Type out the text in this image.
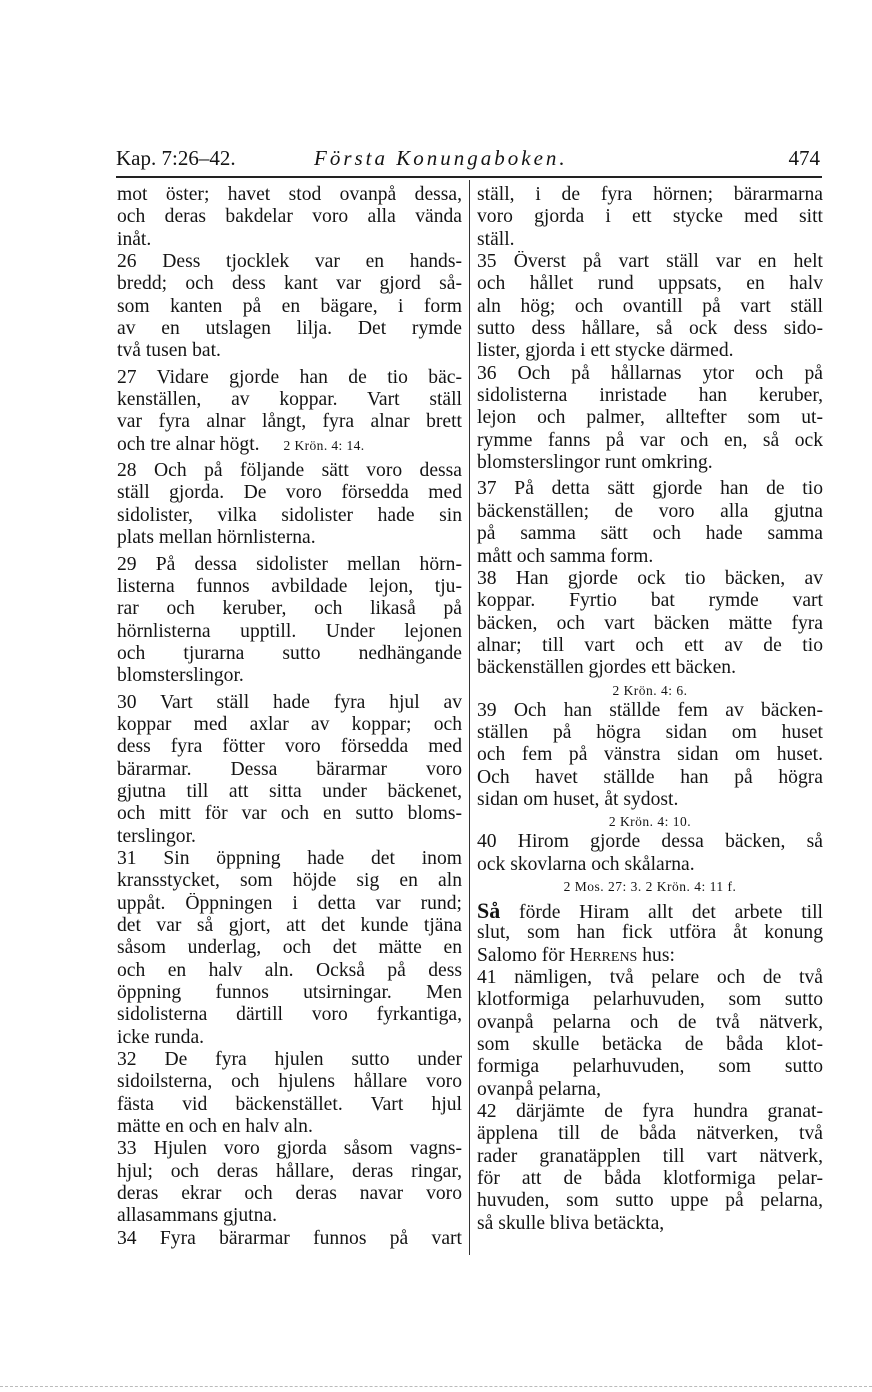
Kap. 7:26–42.	Första Konungaboken.	474
mot öster; havet stod ovanpå dessa,
och deras bakdelar voro alla vända
inåt.
26 Dess tjocklek var en hands-
bredd; och dess kant var gjord så-
som kanten på en bägare, i form
av en utslagen lilja. Det rymde
två tusen bat.
27 Vidare gjorde han de tio bäc-
kenställen, av koppar. Vart ställ
var fyra alnar långt, fyra alnar brett
och tre alnar högt. 2 Krön. 4: 14.
28 Och på följande sätt voro dessa
ställ gjorda. De voro försedda med
sidolister, vilka sidolister hade sin
plats mellan hörnlisterna.
29 På dessa sidolister mellan hörn-
listerna funnos avbildade lejon, tju-
rar och keruber, och likaså på
hörnlisterna upptill. Under lejonen
och tjurarna sutto nedhängande
blomsterslingor.
30 Vart ställ hade fyra hjul av
koppar med axlar av koppar; och
dess fyra fötter voro försedda med
bärarmar. Dessa bärarmar voro
gjutna till att sitta under bäckenet,
och mitt för var och en sutto bloms-
terslingor.
31 Sin öppning hade det inom
kransstycket, som höjde sig en aln
uppåt. Öppningen i detta var rund;
det var så gjort, att det kunde tjäna
såsom underlag, och det mätte en
och en halv aln. Också på dess
öppning funnos utsirningar. Men
sidolisterna därtill voro fyrkantiga,
icke runda.
32 De fyra hjulen sutto under
sidoilsterna, och hjulens hållare voro
fästa vid bäckenstället. Vart hjul
mätte en och en halv aln.
33 Hjulen voro gjorda såsom vagns-
hjul; och deras hållare, deras ringar,
deras ekrar och deras navar voro
allasammans gjutna.
34 Fyra bärarmar funnos på vart
ställ, i de fyra hörnen; bärarmarna
voro gjorda i ett stycke med sitt
ställ.
35 Överst på vart ställ var en helt
och hållet rund uppsats, en halv
aln hög; och ovantill på vart ställ
sutto dess hållare, så ock dess sido-
lister, gjorda i ett stycke därmed.
36 Och på hållarnas ytor och på
sidolisterna inristade han keruber,
lejon och palmer, alltefter som ut-
rymme fanns på var och en, så ock
blomsterslingor runt omkring.
37 På detta sätt gjorde han de tio
bäckenställen; de voro alla gjutna
på samma sätt och hade samma
mått och samma form.
38 Han gjorde ock tio bäcken, av
koppar. Fyrtio bat rymde vart
bäcken, och vart bäcken mätte fyra
alnar; till vart och ett av de tio
bäckenställen gjordes ett bäcken.
2 Krön. 4: 6.
39 Och han ställde fem av bäcken-
ställen på högra sidan om huset
och fem på vänstra sidan om huset.
Och havet ställde han på högra
sidan om huset, åt sydost.
2 Krön. 4: 10.
40 Hirom gjorde dessa bäcken, så
ock skovlarna och skålarna.
2 Mos. 27: 3. 2 Krön. 4: 11 f.
Så förde Hiram allt det arbete till
slut, som han fick utföra åt konung
Salomo för Herrens hus:
41 nämligen, två pelare och de två
klotformiga pelarhuvuden, som sutto
ovanpå pelarna och de två nätverk,
som skulle betäcka de båda klot-
formiga pelarhuvuden, som sutto
ovanpå pelarna,
42 därjämte de fyra hundra granat-
äpplena till de båda nätverken, två
rader granatäpplen till vart nätverk,
för att de båda klotformiga pelar-
huvuden, som sutto uppe på pelarna,
så skulle bliva betäckta,
